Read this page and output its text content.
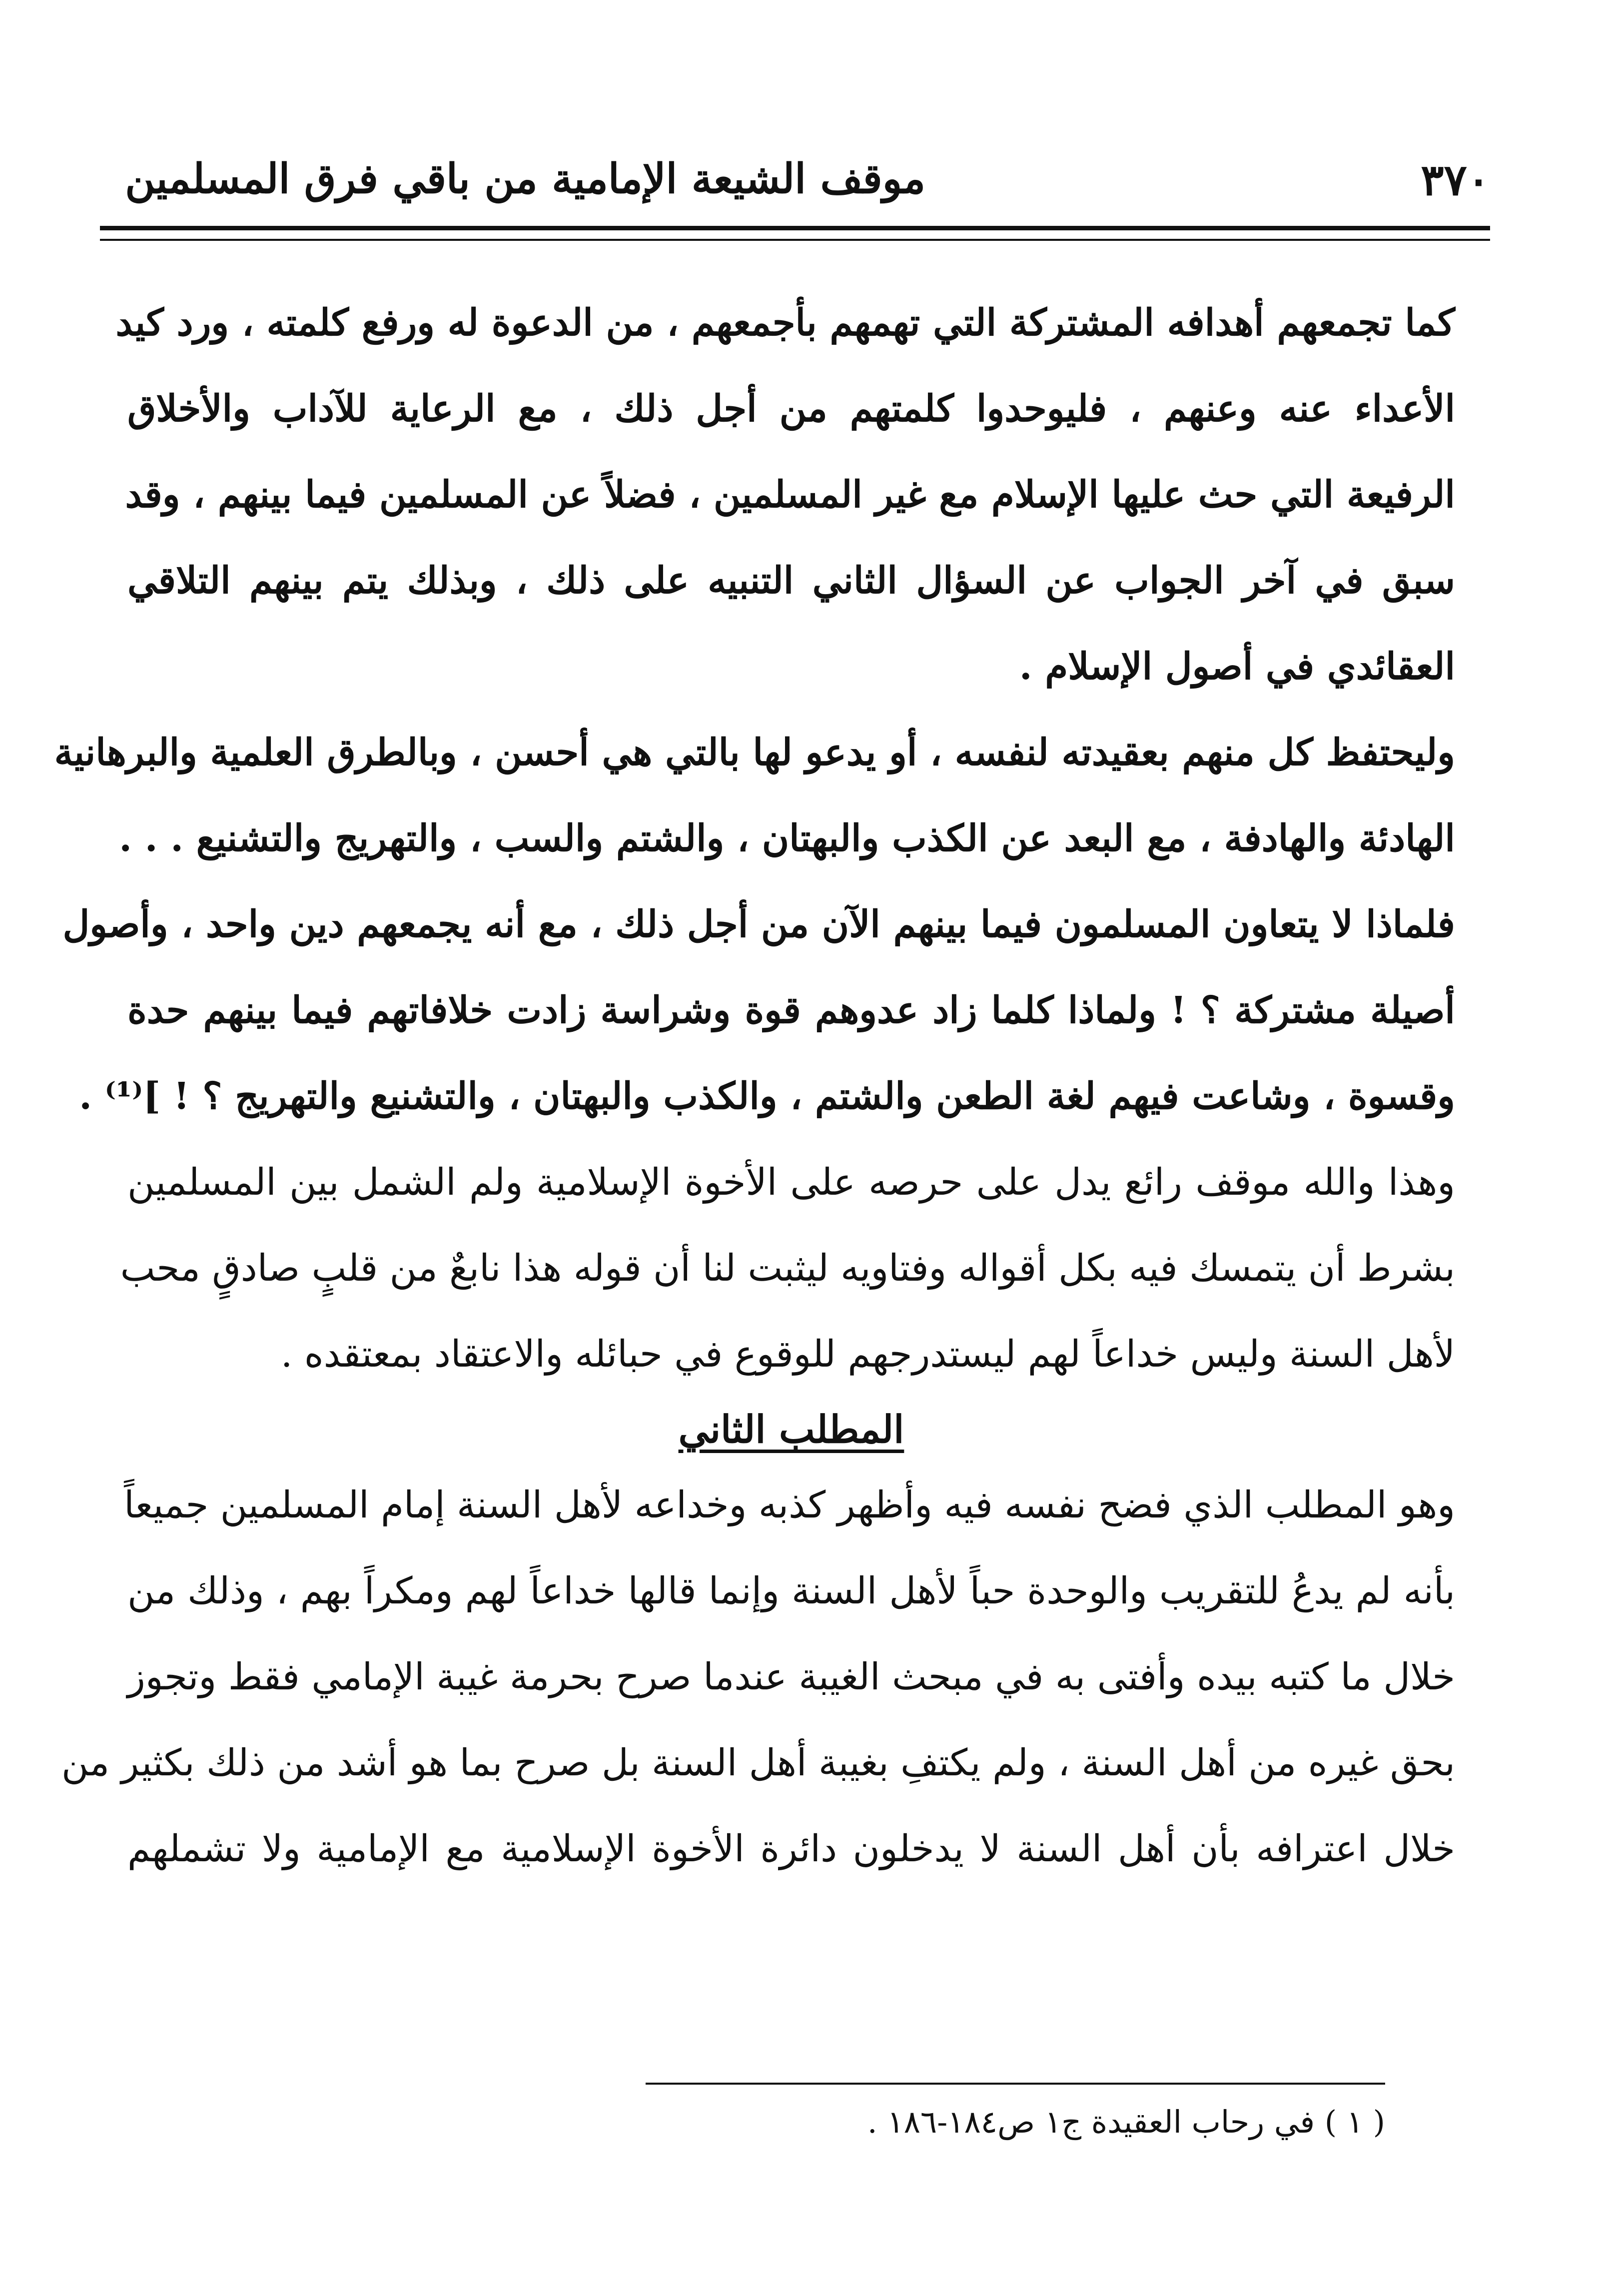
٣٧٠
موقف الشيعة الإمامية من باقي فرق المسلمين
كما تجمعهم أهدافه المشتركة التي تهمهم بأجمعهم ، من الدعوة له ورفع كلمته ، ورد كيد
الأعداء عنه وعنهم ، فليوحدوا كلمتهم من أجل ذلك ، مع الرعاية للآداب والأخلاق
الرفيعة التي حث عليها الإسلام مع غير المسلمين ، فضلاً عن المسلمين فيما بينهم ، وقد
سبق في آخر الجواب عن السؤال الثاني التنبيه على ذلك ، وبذلك يتم بينهم التلاقي
العقائدي في أصول الإسلام .
وليحتفظ كل منهم بعقيدته لنفسه ، أو يدعو لها بالتي هي أحسن ، وبالطرق العلمية والبرهانية
الهادئة والهادفة ، مع البعد عن الكذب والبهتان ، والشتم والسب ، والتهريج والتشنيع . . .
فلماذا لا يتعاون المسلمون فيما بينهم الآن من أجل ذلك ، مع أنه يجمعهم دين واحد ، وأصول
أصيلة مشتركة ؟ ! ولماذا كلما زاد عدوهم قوة وشراسة زادت خلافاتهم فيما بينهم حدة
وقسوة ، وشاعت فيهم لغة الطعن والشتم ، والكذب والبهتان ، والتشنيع والتهريج ؟ ! ]⁽¹⁾ .
وهذا والله موقف رائع يدل على حرصه على الأخوة الإسلامية ولم الشمل بين المسلمين
بشرط أن يتمسك فيه بكل أقواله وفتاويه ليثبت لنا أن قوله هذا نابعٌ من قلبٍ صادقٍ محب
لأهل السنة وليس خداعاً لهم ليستدرجهم للوقوع في حبائله والاعتقاد بمعتقده .
المطلب الثاني
وهو المطلب الذي فضح نفسه فيه وأظهر كذبه وخداعه لأهل السنة إمام المسلمين جميعاً
بأنه لم يدعُ للتقريب والوحدة حباً لأهل السنة وإنما قالها خداعاً لهم ومكراً بهم ، وذلك من
خلال ما كتبه بيده وأفتى به في مبحث الغيبة عندما صرح بحرمة غيبة الإمامي فقط وتجوز
بحق غيره من أهل السنة ، ولم يكتفِ بغيبة أهل السنة بل صرح بما هو أشد من ذلك بكثير من
خلال اعترافه بأن أهل السنة لا يدخلون دائرة الأخوة الإسلامية مع الإمامية ولا تشملهم
( ١ ) في رحاب العقيدة ج١ ص١٨٤-١٨٦ .
